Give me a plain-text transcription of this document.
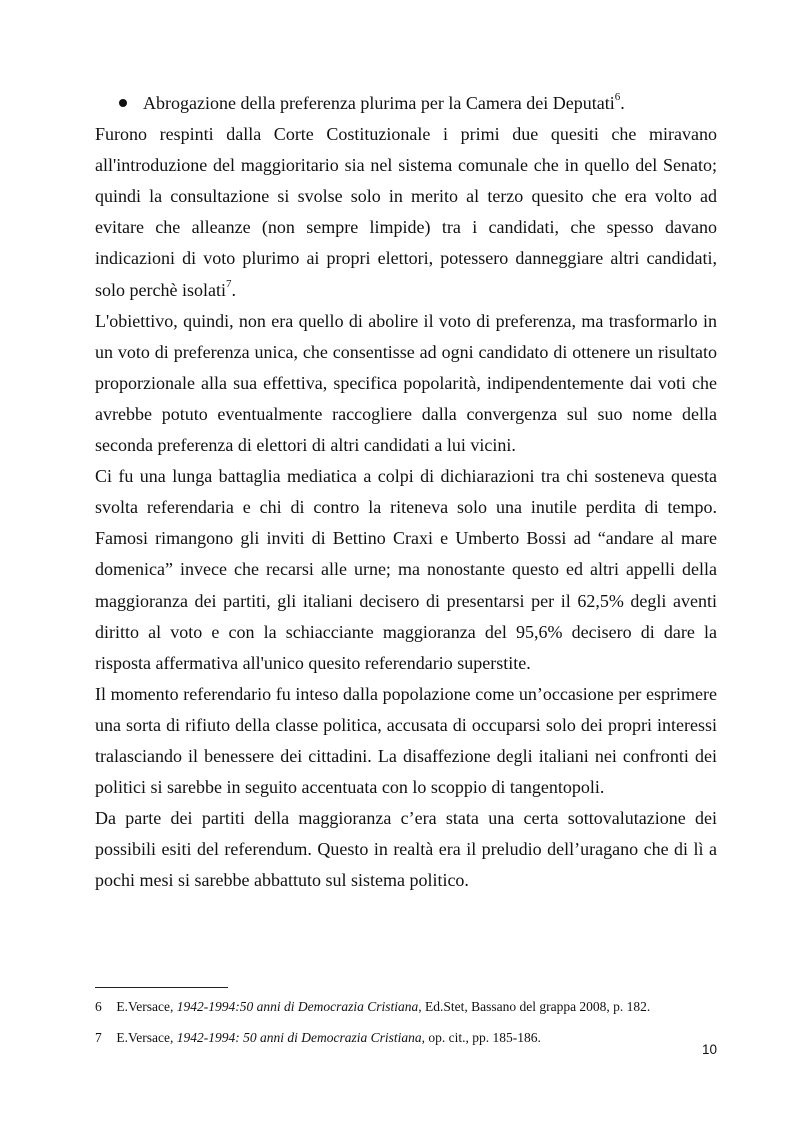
Abrogazione della preferenza plurima per la Camera dei Deputati$^6$.

Furono respinti dalla Corte Costituzionale i primi due quesiti che miravano all'introduzione del maggioritario sia nel sistema comunale che in quello del Senato; quindi la consultazione si svolse solo in merito al terzo quesito che era volto ad evitare che alleanze (non sempre limpide) tra i candidati, che spesso davano indicazioni di voto plurimo ai propri elettori, potessero danneggiare altri candidati, solo perchè isolati$^7$.

L'obiettivo, quindi, non era quello di abolire il voto di preferenza, ma trasformarlo in un voto di preferenza unica, che consentisse ad ogni candidato di ottenere un risultato proporzionale alla sua effettiva, specifica popolarità, indipendentemente dai voti che avrebbe potuto eventualmente raccogliere dalla convergenza sul suo nome della seconda preferenza di elettori di altri candidati a lui vicini.

Ci fu una lunga battaglia mediatica a colpi di dichiarazioni tra chi sosteneva questa svolta referendaria e chi di contro la riteneva solo una inutile perdita di tempo. Famosi rimangono gli inviti di Bettino Craxi e Umberto Bossi ad “andare al mare domenica” invece che recarsi alle urne; ma nonostante questo ed altri appelli della maggioranza dei partiti, gli italiani decisero di presentarsi per il 62,5% degli aventi diritto al voto e con la schiacciante maggioranza del 95,6% decisero di dare la risposta affermativa all'unico quesito referendario superstite.

Il momento referendario fu inteso dalla popolazione come un’occasione per esprimere una sorta di rifiuto della classe politica, accusata di occuparsi solo dei propri interessi tralasciando il benessere dei cittadini. La disaffezione degli italiani nei confronti dei politici si sarebbe in seguito accentuata con lo scoppio di tangentopoli.

Da parte dei partiti della maggioranza c’era stata una certa sottovalutazione dei possibili esiti del referendum. Questo in realtà era il preludio dell’uragano che di lì a pochi mesi si sarebbe abbattuto sul sistema politico.

6 E.Versace, 1942-1994:50 anni di Democrazia Cristiana, Ed.Stet, Bassano del grappa 2008, p. 182.
7 E.Versace, 1942-1994: 50 anni di Democrazia Cristiana, op. cit., pp. 185-186.
10
